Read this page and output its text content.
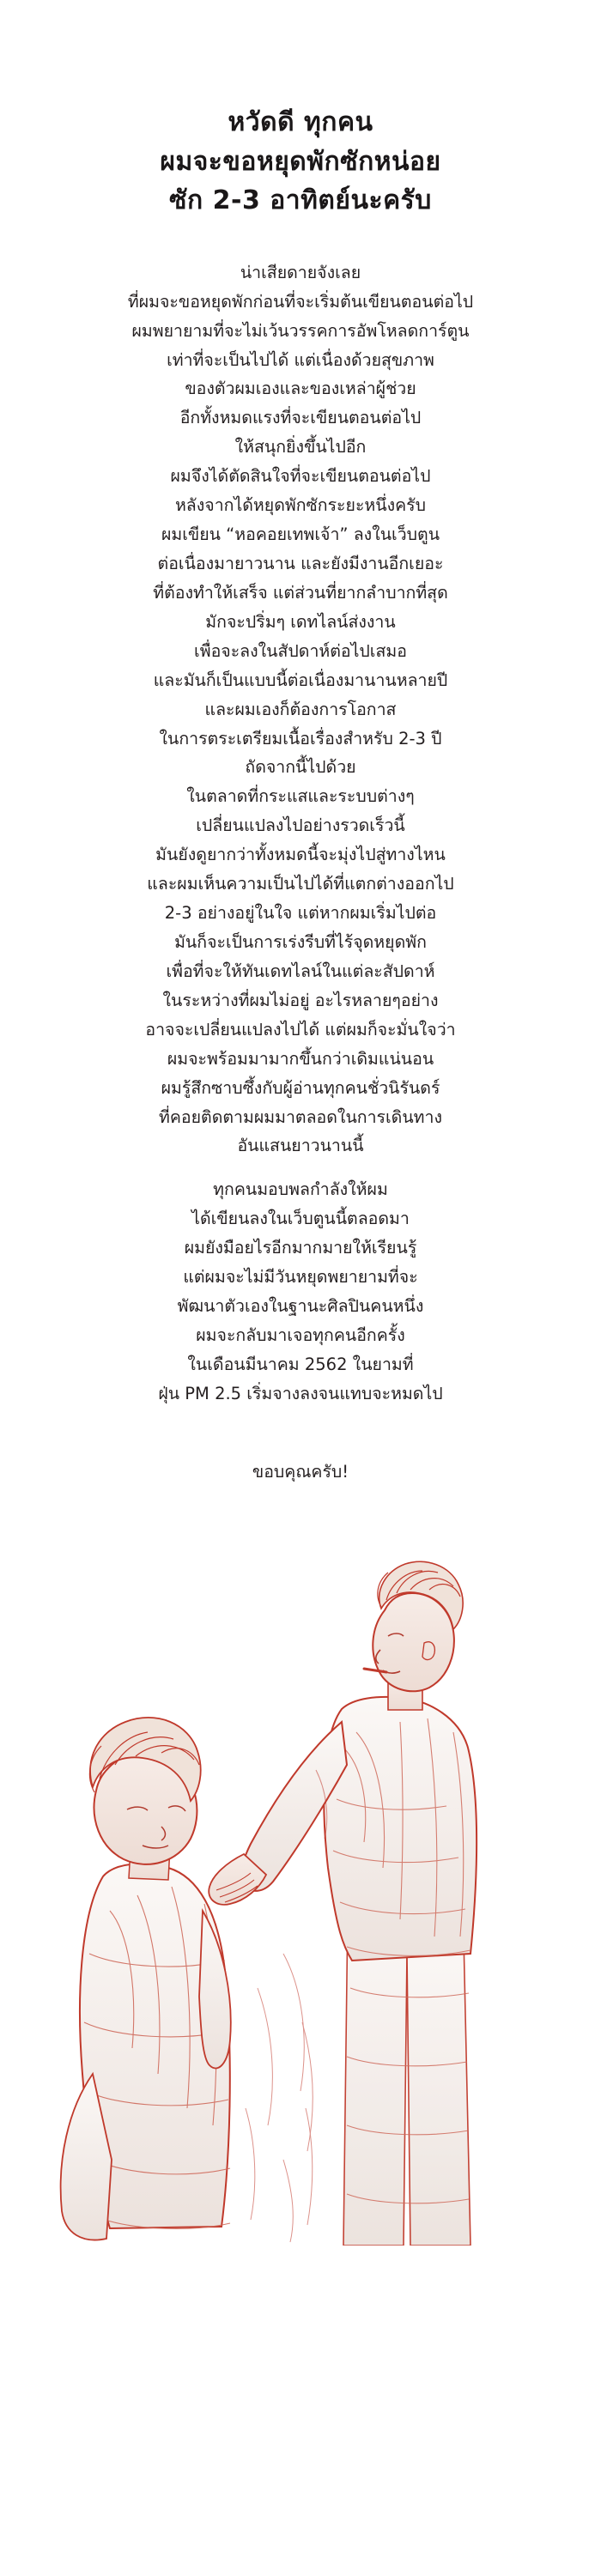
หวัดดี ทุกคน
ผมจะขอหยุดพักซักหน่อย
ซัก 2-3 อาทิตย์นะครับ

น่าเสียดายจังเลย

ที่ผมจะขอหยุดพักก่อนที่จะเริ่มต้นเขียนตอนต่อไป

ผมพยายามที่จะไม่เว้นวรรคการอัพโหลดการ์ตูน

เท่าที่จะเป็นไปได้ แต่เนื่องด้วยสุขภาพ

ของตัวผมเองและของเหล่าผู้ช่วย

อีกทั้งหมดแรงที่จะเขียนตอนต่อไป

ให้สนุกยิ่งขึ้นไปอีก

ผมจึงได้ตัดสินใจที่จะเขียนตอนต่อไป

หลังจากได้หยุดพักซักระยะหนึ่งครับ

ผมเขียน “หอคอยเทพเจ้า” ลงในเว็บตูน

ต่อเนื่องมายาวนาน และยังมีงานอีกเยอะ

ที่ต้องทำให้เสร็จ แต่ส่วนที่ยากลำบากที่สุด

มักจะปริ่มๆ เดทไลน์ส่งงาน

เพื่อจะลงในสัปดาห์ต่อไปเสมอ

และมันก็เป็นแบบนี้ต่อเนื่องมานานหลายปี

และผมเองก็ต้องการโอกาส

ในการตระเตรียมเนื้อเรื่องสำหรับ 2-3 ปี

ถัดจากนี้ไปด้วย

ในตลาดที่กระแสและระบบต่างๆ

เปลี่ยนแปลงไปอย่างรวดเร็วนี้

มันยังดูยากว่าทั้งหมดนี้จะมุ่งไปสู่ทางไหน

และผมเห็นความเป็นไปได้ที่แตกต่างออกไป

2-3 อย่างอยู่ในใจ แต่หากผมเริ่มไปต่อ

มันก็จะเป็นการเร่งรีบที่ไร้จุดหยุดพัก

เพื่อที่จะให้ทันเดทไลน์ในแต่ละสัปดาห์

ในระหว่างที่ผมไม่อยู่ อะไรหลายๆอย่าง

อาจจะเปลี่ยนแปลงไปได้ แต่ผมก็จะมั่นใจว่า

ผมจะพร้อมมามากขึ้นกว่าเดิมแน่นอน

ผมรู้สึกซาบซึ้งกับผู้อ่านทุกคนชั่วนิรันดร์

ที่คอยติดตามผมมาตลอดในการเดินทาง

อันแสนยาวนานนี้

ทุกคนมอบพลกำลังให้ผม

ได้เขียนลงในเว็บตูนนี้ตลอดมา

ผมยังมือยไรอีกมากมายให้เรียนรู้

แต่ผมจะไม่มีวันหยุดพยายามที่จะ

พัฒนาตัวเองในฐานะศิลปินคนหนึ่ง

ผมจะกลับมาเจอทุกคนอีกครั้ง

ในเดือนมีนาคม 2562 ในยามที่

ฝุ่น PM 2.5 เริ่มจางลงจนแทบจะหมดไป

ขอบคุณครับ!
